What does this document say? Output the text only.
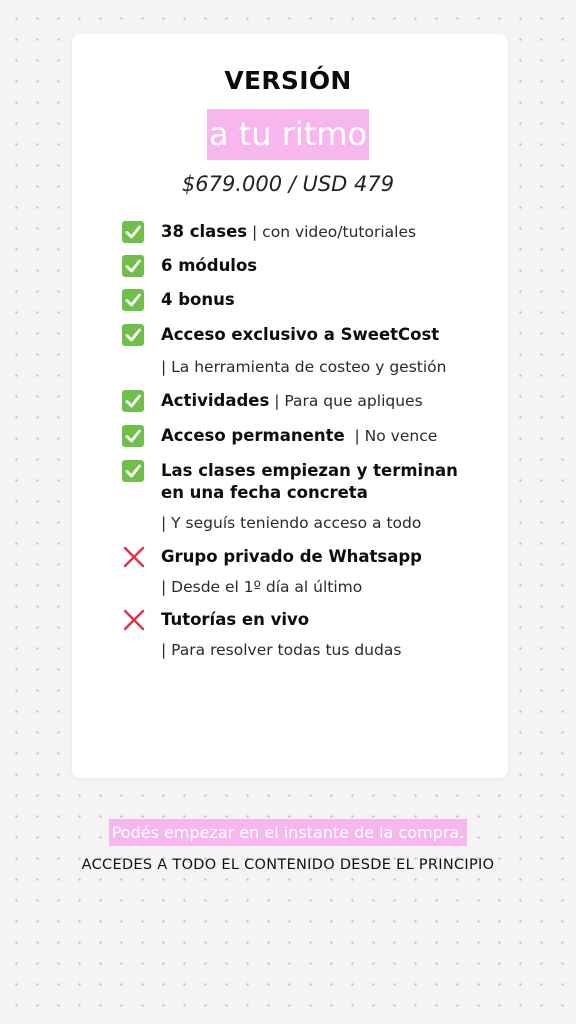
VERSIÓN
a tu ritmo
$679.000 / USD 479
38 clases | con video/tutoriales
6 módulos
4 bonus
Acceso exclusivo a SweetCost
| La herramienta de costeo y gestión
Actividades | Para que apliques
Acceso permanente  | No vence
Las clases empiezan y terminan
en una fecha concreta
| Y seguís teniendo acceso a todo
Grupo privado de Whatsapp
| Desde el 1º día al último
Tutorías en vivo
| Para resolver todas tus dudas
Podés empezar en el instante de la compra.
ACCEDES A TODO EL CONTENIDO DESDE EL PRINCIPIO
